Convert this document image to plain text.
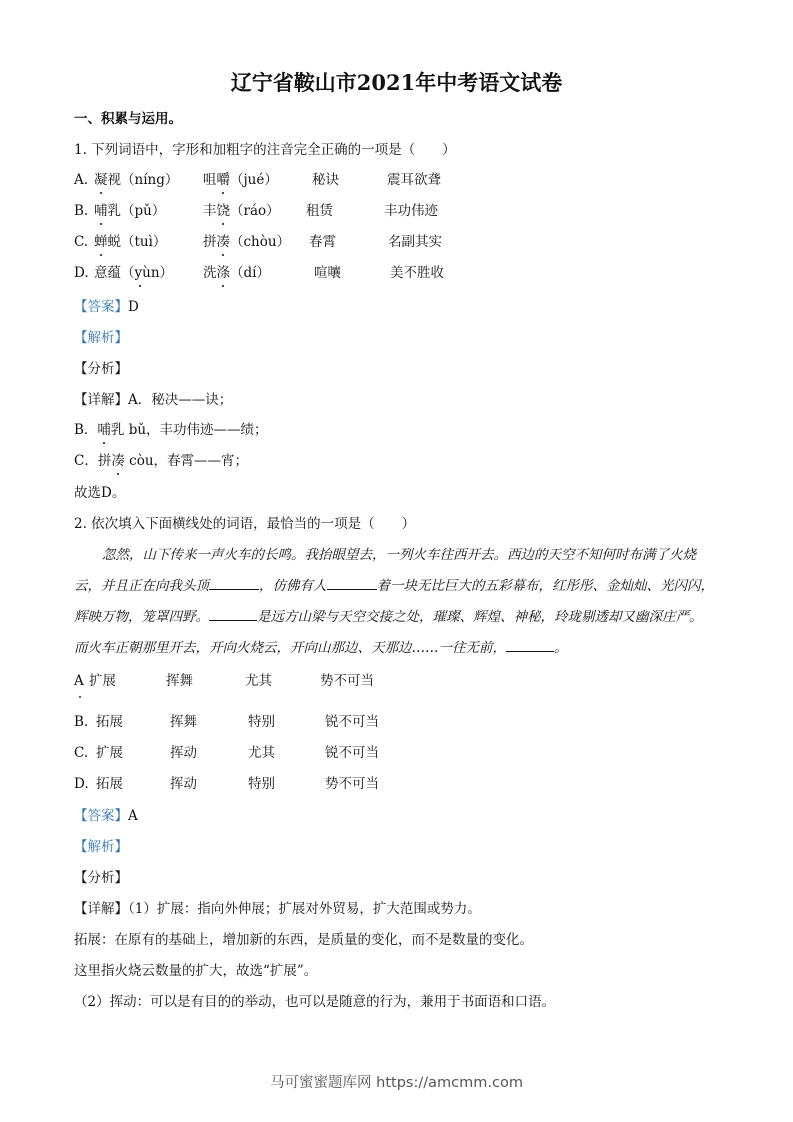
辽宁省鞍山市2021年中考语文试卷
一、积累与运用。
1. 下列词语中，字形和加粗字的注音完全正确的一项是（　　）
A. 凝视（níng） 咀嚼（jué）	秘诀	震耳欲聋
B. 哺乳（pǔ）	丰饶（ráo） 租赁	丰功伟迹
C. 蝉蜕（tuì）	拼凑（chòu） 春霄	名副其实
D. 意蕴（yùn） 洗涤（dí）	喧嚷	美不胜收
【答案】D
【解析】
【分析】
【详解】A．秘决——诀；
B．哺乳 bǔ，丰功伟迹——绩；
C．拼凑 còu，春霄——宵；
故选D。
2. 依次填入下面横线处的词语，最恰当的一项是（　　）
忽然，山下传来一声火车的长鸣。我抬眼望去，一列火车往西开去。西边的天空不知何时布满了火烧
云，并且正在向我头顶	，仿佛有人	着一块无比巨大的五彩幕布，红彤彤、金灿灿、光闪闪，
辉映万物，笼罩四野。	是远方山梁与天空交接之处，璀璨、辉煌、神秘，玲珑剔透却又幽深庄严。
而火车正朝那里开去，开向火烧云，开向山那边、天那边……一往无前，	。
A 扩展	挥舞	尤其	势不可当
B. 拓展	挥舞	特别	锐不可当
C. 扩展	挥动	尤其	锐不可当
D. 拓展	挥动	特别	势不可当
【答案】A
【解析】
【分析】
【详解】（1）扩展：指向外伸展；扩展对外贸易，扩大范围或势力。
拓展：在原有的基础上，增加新的东西，是质量的变化，而不是数量的变化。
这里指火烧云数量的扩大，故选“扩展”。
（2）挥动：可以是有目的的举动，也可以是随意的行为，兼用于书面语和口语。
马可蜜蜜题库网 https://amcmm.com
